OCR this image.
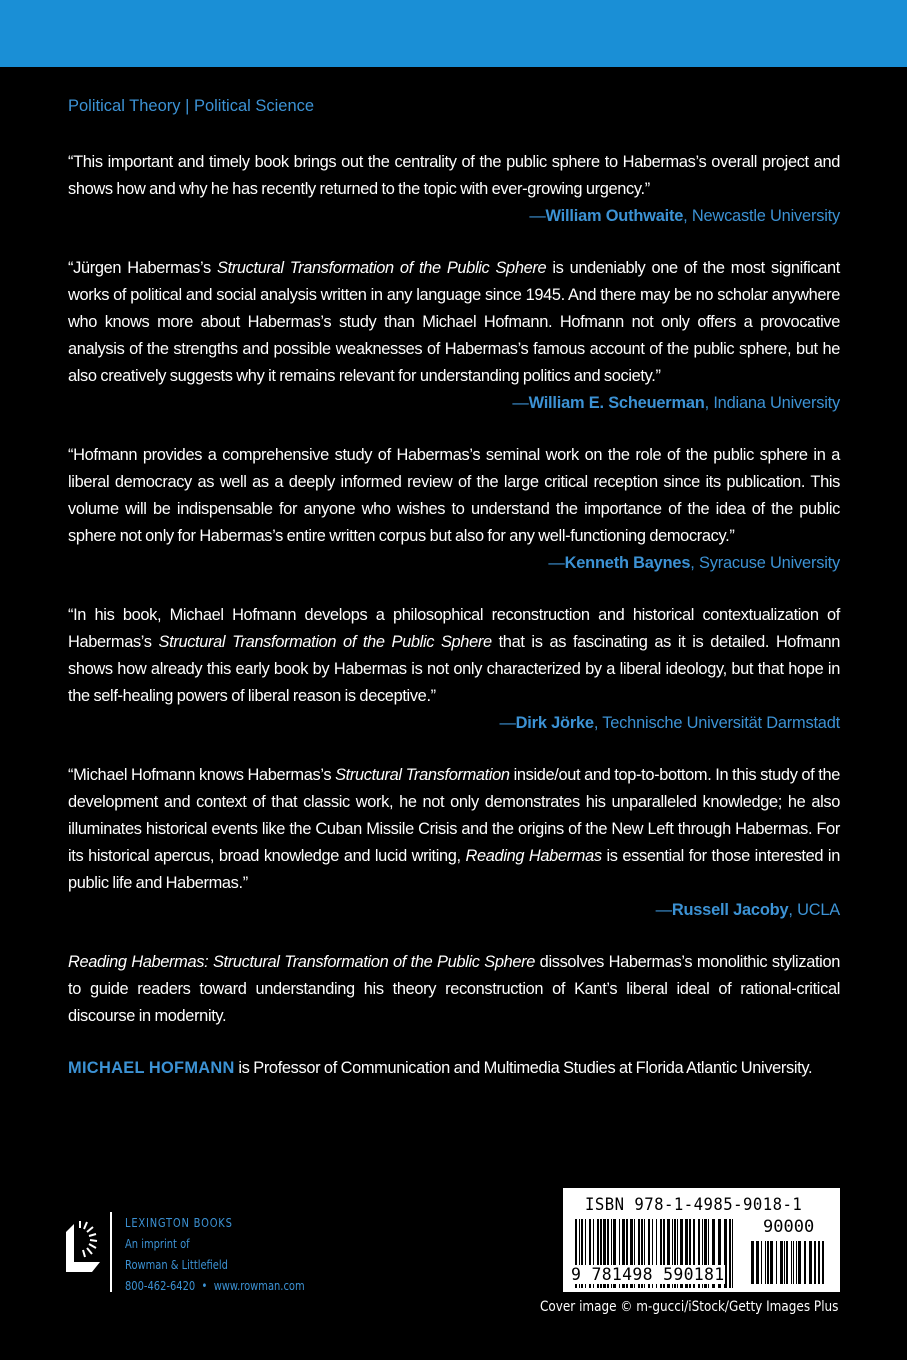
Political Theory | Political Science

“This important and timely book brings out the centrality of the public sphere to Habermas’s overall project and shows how and why he has recently returned to the topic with ever-growing urgency.”

—William Outhwaite, Newcastle University

“Jürgen Habermas’s Structural Transformation of the Public Sphere is undeniably one of the most significant works of political and social analysis written in any language since 1945. And there may be no scholar anywhere who knows more about Habermas’s study than Michael Hofmann. Hofmann not only offers a provocative analysis of the strengths and possible weaknesses of Habermas’s famous account of the public sphere, but he also creatively suggests why it remains relevant for understanding politics and society.”

—William E. Scheuerman, Indiana University

“Hofmann provides a comprehensive study of Habermas’s seminal work on the role of the public sphere in a liberal democracy as well as a deeply informed review of the large critical reception since its publication. This volume will be indispensable for anyone who wishes to understand the importance of the idea of the public sphere not only for Habermas’s entire written corpus but also for any well-functioning democracy.”

—Kenneth Baynes, Syracuse University

“In his book, Michael Hofmann develops a philosophical reconstruction and historical contextualization of Habermas’s Structural Transformation of the Public Sphere that is as fascinating as it is detailed. Hofmann shows how already this early book by Habermas is not only characterized by a liberal ideology, but that hope in the self-healing powers of liberal reason is deceptive.”

—Dirk Jörke, Technische Universität Darmstadt

“Michael Hofmann knows Habermas’s Structural Transformation inside/out and top-to-bottom. In this study of the development and context of that classic work, he not only demonstrates his unparalleled knowledge; he also illuminates historical events like the Cuban Missile Crisis and the origins of the New Left through Habermas. For its historical apercus, broad knowledge and lucid writing, Reading Habermas is essential for those interested in public life and Habermas.”

—Russell Jacoby, UCLA

Reading Habermas: Structural Transformation of the Public Sphere dissolves Habermas’s monolithic stylization to guide readers toward understanding his theory reconstruction of Kant’s liberal ideal of rational-critical discourse in modernity.

MICHAEL HOFMANN is Professor of Communication and Multimedia Studies at Florida Atlantic University.

LEXINGTON BOOKS
An imprint of
Rowman & Littlefield
800-462-6420 • www.rowman.com
ISBN 978-1-4985-9018-1
90000
9 781498 590181
Cover image © m-gucci/iStock/Getty Images Plus
